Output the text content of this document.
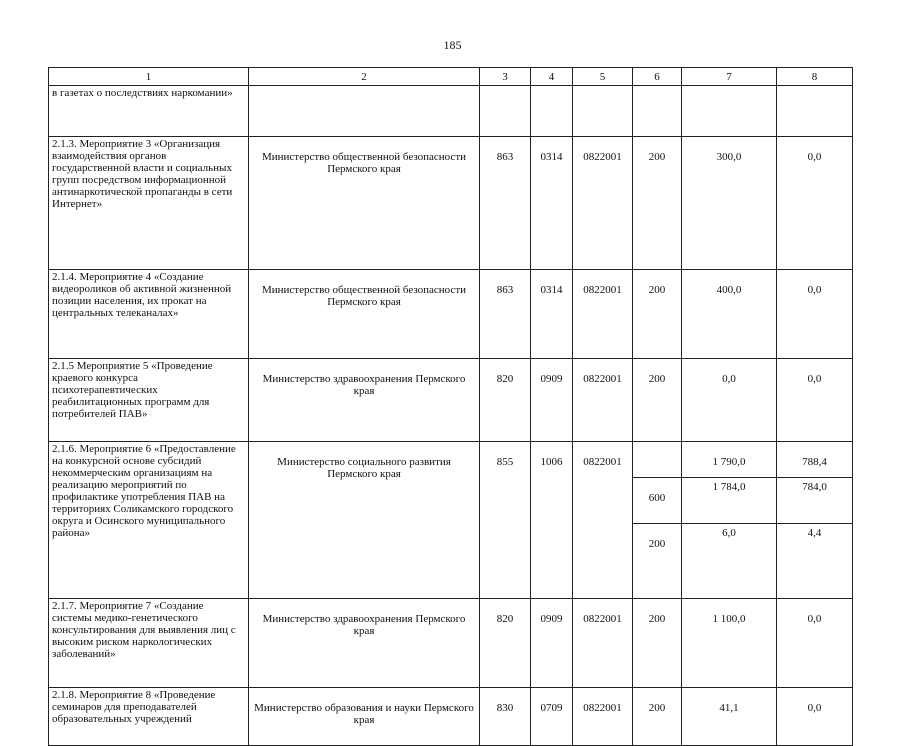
185
1	2	3	4	5	6	7	8
в газетах о последствиях наркомании»							
2.1.3. Мероприятие 3 «Организация взаимодействия органов государственной власти и социальных групп посредством информационной антинаркотической пропаганды в сети Интернет»	Министерство общественной безопасности Пермского края	863	0314	0822001	200	300,0	0,0
2.1.4. Мероприятие 4 «Создание видеороликов об активной жизненной позиции населения, их прокат на центральных телеканалах»	Министерство общественной безопасности Пермского края	863	0314	0822001	200	400,0	0,0
2.1.5 Мероприятие 5 «Проведение краевого конкурса психотерапевтических реабилитационных программ для потребителей ПАВ»	Министерство здравоохранения Пермского края	820	0909	0822001	200	0,0	0,0
2.1.6. Мероприятие 6 «Предоставление на конкурсной основе субсидий некоммерческим организациям на реализацию мероприятий по профилактике употребления ПАВ на территориях Соликамского городского округа и Осинского муниципального района»	Министерство социального развития Пермского края	855	1006	0822001		1 790,0	788,4
					600	1 784,0	784,0
					200	6,0	4,4
2.1.7. Мероприятие 7 «Создание системы медико-генетического консультирования для выявления лиц с высоким риском наркологических заболеваний»	Министерство здравоохранения Пермского края	820	0909	0822001	200	1 100,0	0,0
2.1.8. Мероприятие 8 «Проведение семинаров для преподавателей образовательных учреждений	Министерство образования и науки Пермского края	830	0709	0822001	200	41,1	0,0
